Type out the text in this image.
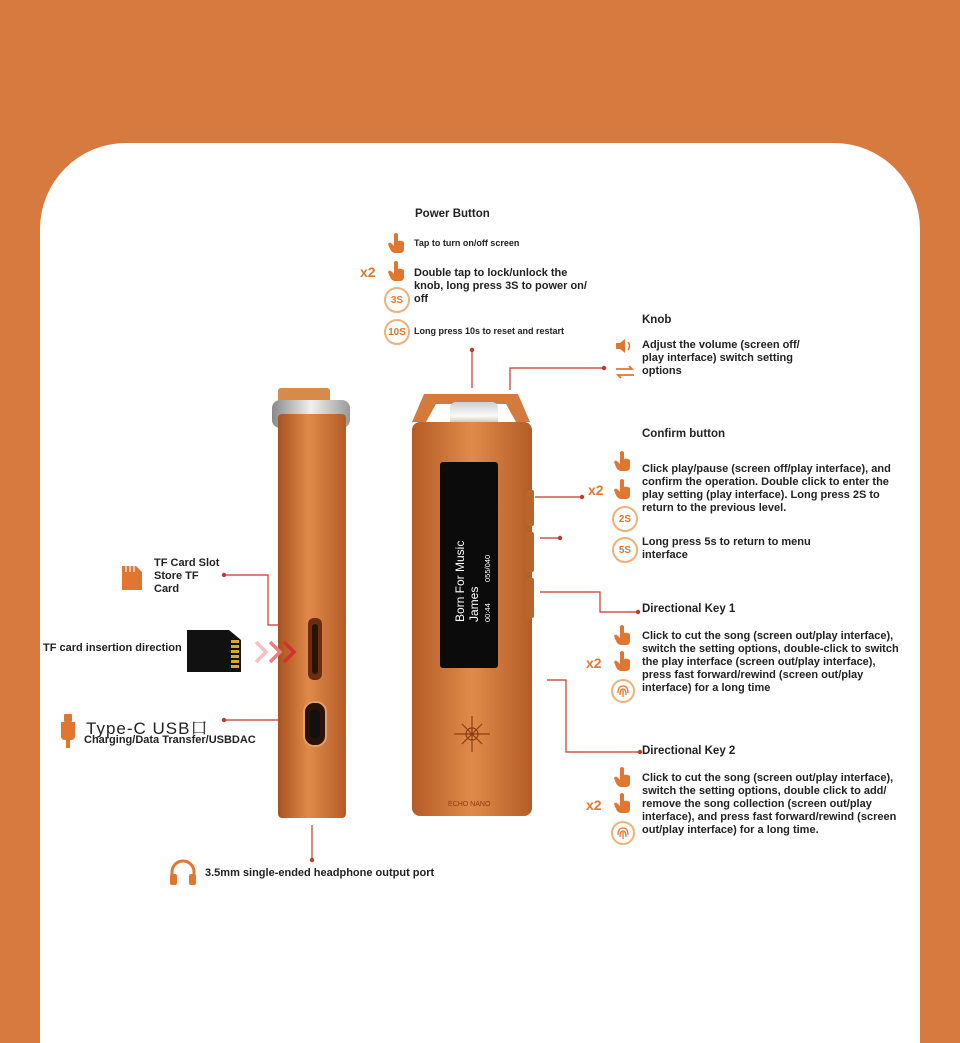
Born For Music James 00:44
055/040
ECHO NANO
Power Button
Tap to turn on/off screen
x2	Double tap to lock/unlock the
knob, long press 3S to power on/
off
3S
10S Long press 10s to reset and restart
Knob
Adjust the volume (screen off/
play interface) switch setting
options
Confirm button
x2
Click play/pause (screen off/play interface), and
confirm the operation. Double click to enter the
play setting (play interface). Long press 2S to
return to the previous level.
2S
5S
Long press 5s to return to menu
interface
Directional Key 1
x2
Click to cut the song (screen out/play interface),
switch the setting options, double-click to switch
the play interface (screen out/play interface),
press fast forward/rewind (screen out/play
interface) for a long time
Directional Key 2
x2
Click to cut the song (screen out/play interface),
switch the setting options, double click to add/
remove the song collection (screen out/play
interface), and press fast forward/rewind (screen
out/play interface) for a long time.
TF Card Slot
Store TF
Card
TF card insertion direction
Type-C USB口
Charging/Data Transfer/USBDAC
3.5mm single-ended headphone output port
